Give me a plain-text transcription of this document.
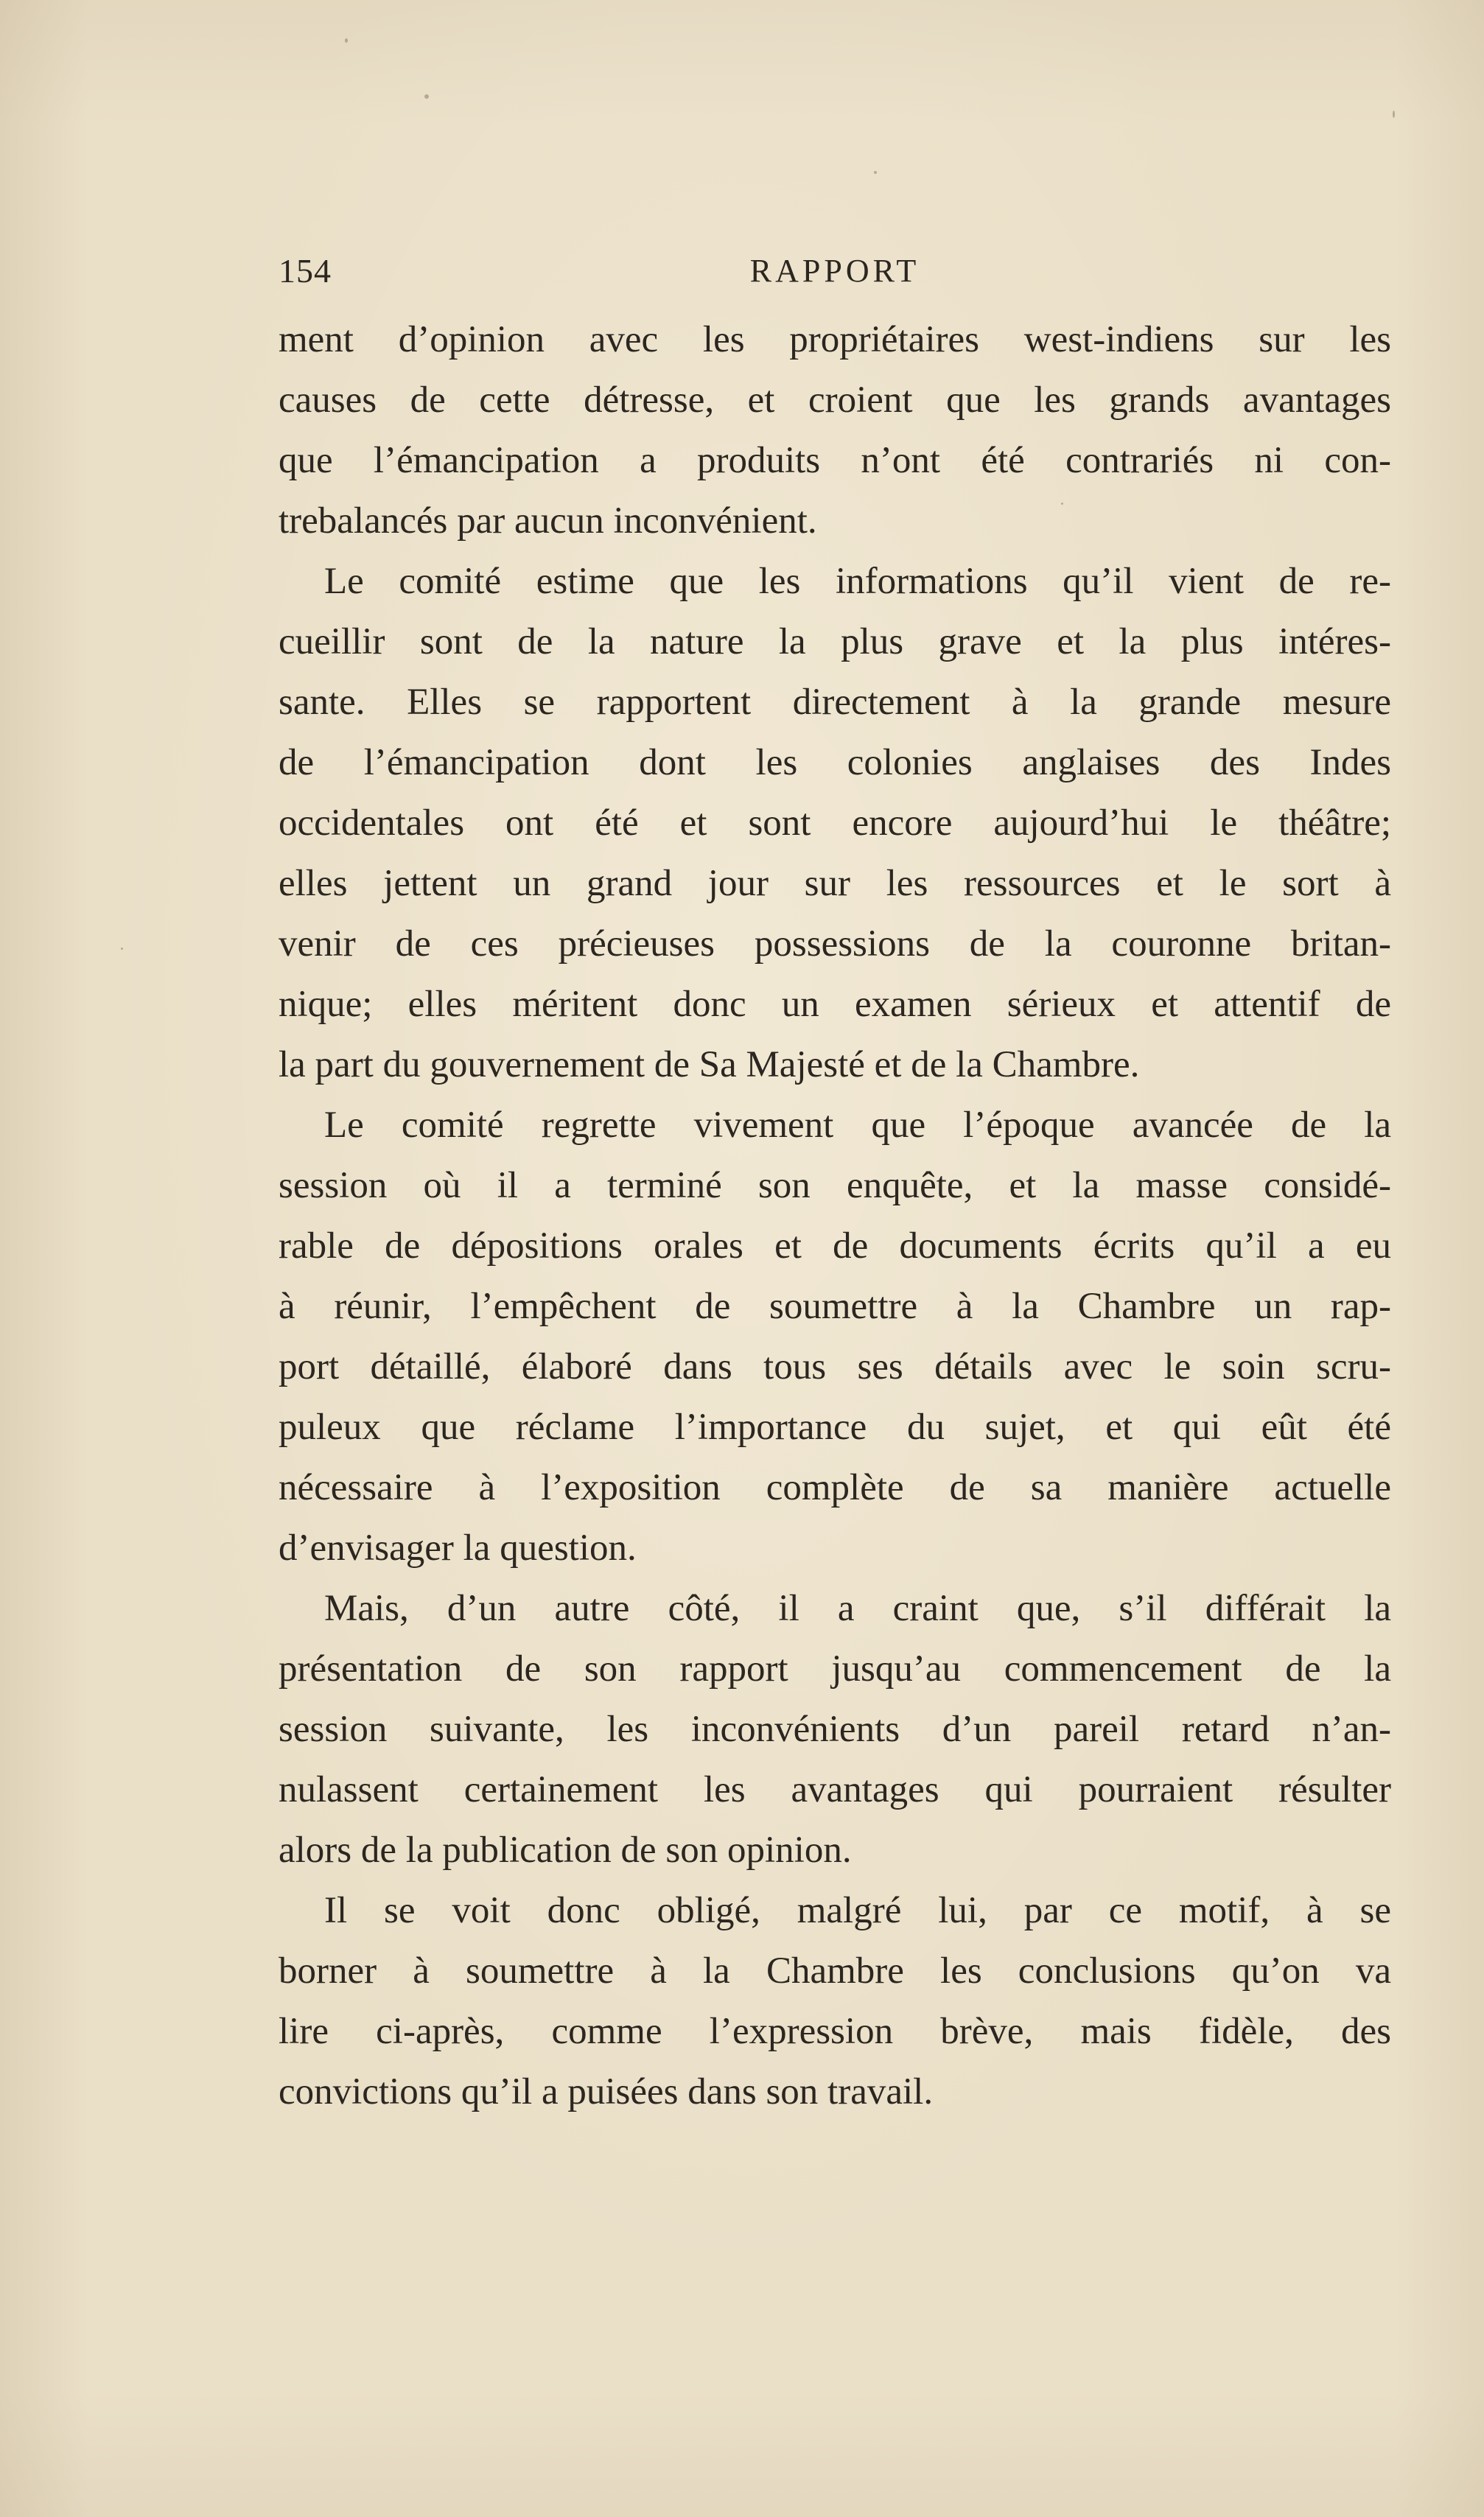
154	RAPPORT
ment d’opinion avec les propriétaires west-indiens sur les
causes de cette détresse, et croient que les grands avantages
que l’émancipation a produits n’ont été contrariés ni con-
trebalancés par aucun inconvénient.
Le comité estime que les informations qu’il vient de re-
cueillir sont de la nature la plus grave et la plus intéres-
sante. Elles se rapportent directement à la grande mesure
de l’émancipation dont les colonies anglaises des Indes
occidentales ont été et sont encore aujourd’hui le théâtre;
elles jettent un grand jour sur les ressources et le sort à
venir de ces précieuses possessions de la couronne britan-
nique; elles méritent donc un examen sérieux et attentif de
la part du gouvernement de Sa Majesté et de la Chambre.
Le comité regrette vivement que l’époque avancée de la
session où il a terminé son enquête, et la masse considé-
rable de dépositions orales et de documents écrits qu’il a eu
à réunir, l’empêchent de soumettre à la Chambre un rap-
port détaillé, élaboré dans tous ses détails avec le soin scru-
puleux que réclame l’importance du sujet, et qui eût été
nécessaire à l’exposition complète de sa manière actuelle
d’envisager la question.
Mais, d’un autre côté, il a craint que, s’il différait la
présentation de son rapport jusqu’au commencement de la
session suivante, les inconvénients d’un pareil retard n’an-
nulassent certainement les avantages qui pourraient résulter
alors de la publication de son opinion.
Il se voit donc obligé, malgré lui, par ce motif, à se
borner à soumettre à la Chambre les conclusions qu’on va
lire ci-après, comme l’expression brève, mais fidèle, des
convictions qu’il a puisées dans son travail.
